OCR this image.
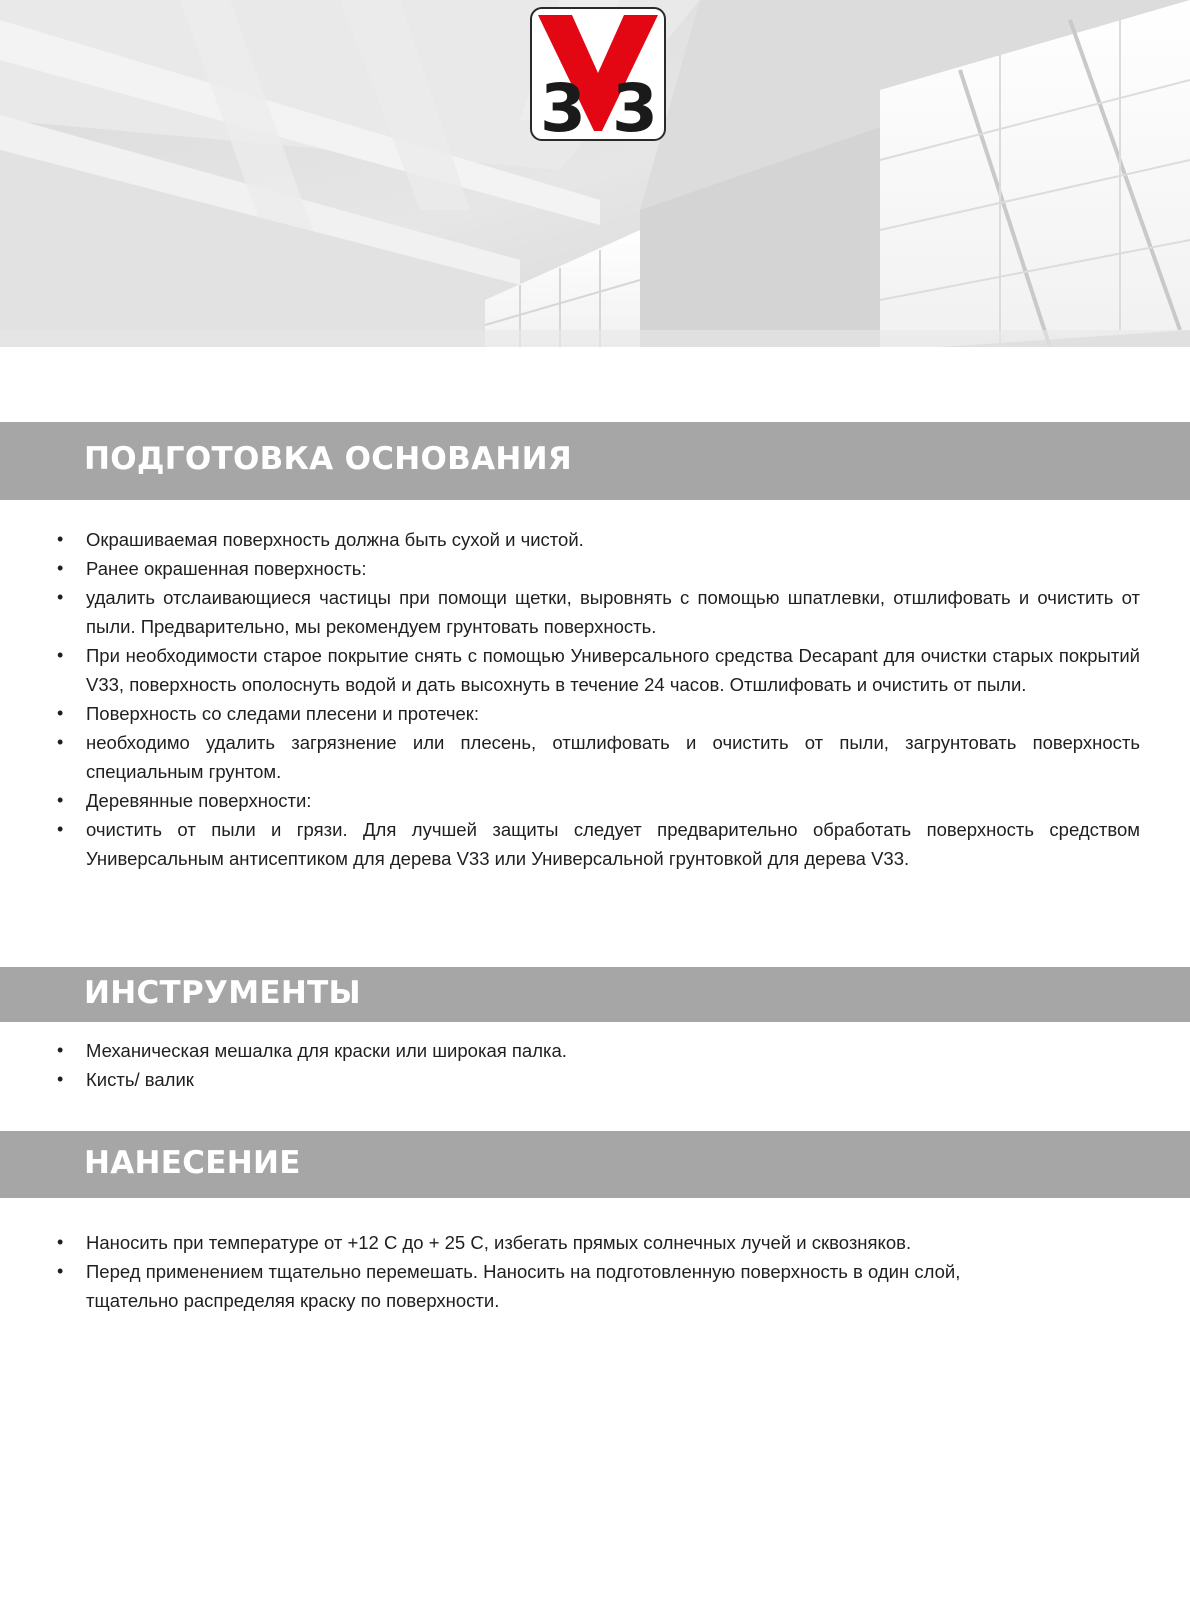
3 3
ПОДГОТОВКА ОСНОВАНИЯ
• Окрашиваемая поверхность должна быть сухой и чистой.
• Ранее окрашенная поверхность:
• удалить отслаивающиеся частицы при помощи щетки, выровнять с помощью шпатлевки, отшлифовать и очистить от пыли. Предварительно, мы рекомендуем грунтовать поверхность.
• При необходимости старое покрытие снять с помощью Универсального средства Decapant для очистки старых покрытий V33, поверхность ополоснуть водой и дать высохнуть в течение 24 часов. Отшлифовать и очистить от пыли.
• Поверхность со следами плесени и протечек:
• необходимо удалить загрязнение или плесень, отшлифовать и очистить от пыли, загрунтовать поверхность специальным грунтом.
• Деревянные поверхности:
• очистить от пыли и грязи. Для лучшей защиты следует предварительно обработать поверхность средством Универсальным антисептиком для дерева V33 или Универсальной грунтовкой для дерева V33.
ИНСТРУМЕНТЫ
• Механическая мешалка для краски или широкая палка.
• Кисть/ валик
НАНЕСЕНИЕ
• Наносить при температуре от +12 С до + 25 С, избегать прямых солнечных лучей и сквозняков.
• Перед применением тщательно перемешать. Наносить на подготовленную поверхность в один слой, тщательно распределяя краску по поверхности.
